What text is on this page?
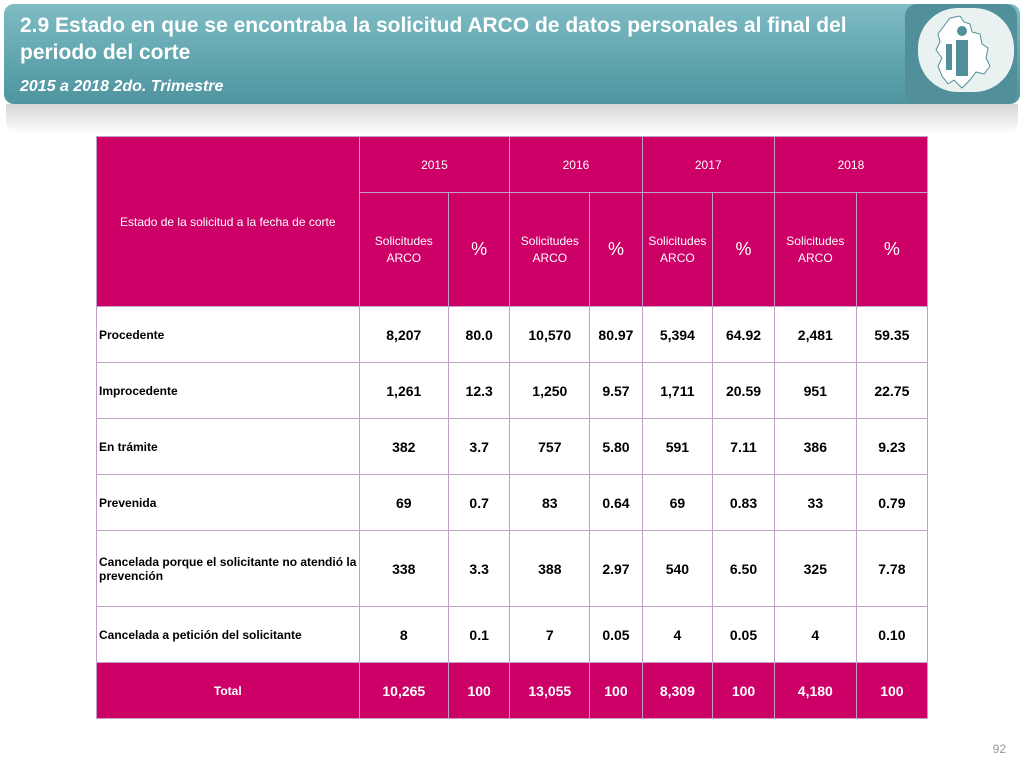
2.9 Estado en que se encontraba la solicitud ARCO de datos personales al final del periodo del corte
2015 a 2018 2do. Trimestre
Estado de la solicitud a la fecha de corte	2015		2016		2017		2018	
	Solicitudes ARCO	%	Solicitudes ARCO	%	Solicitudes ARCO	%	Solicitudes ARCO	%
Procedente	8,207	80.0	10,570	80.97	5,394	64.92	2,481	59.35
Improcedente	1,261	12.3	1,250	9.57	1,711	20.59	951	22.75
En trámite	382	3.7	757	5.80	591	7.11	386	9.23
Prevenida	69	0.7	83	0.64	69	0.83	33	0.79
Cancelada porque el solicitante no atendió la prevención	338	3.3	388	2.97	540	6.50	325	7.78
Cancelada a petición del solicitante	8	0.1	7	0.05	4	0.05	4	0.10
Total	10,265	100	13,055	100	8,309	100	4,180	100
92
